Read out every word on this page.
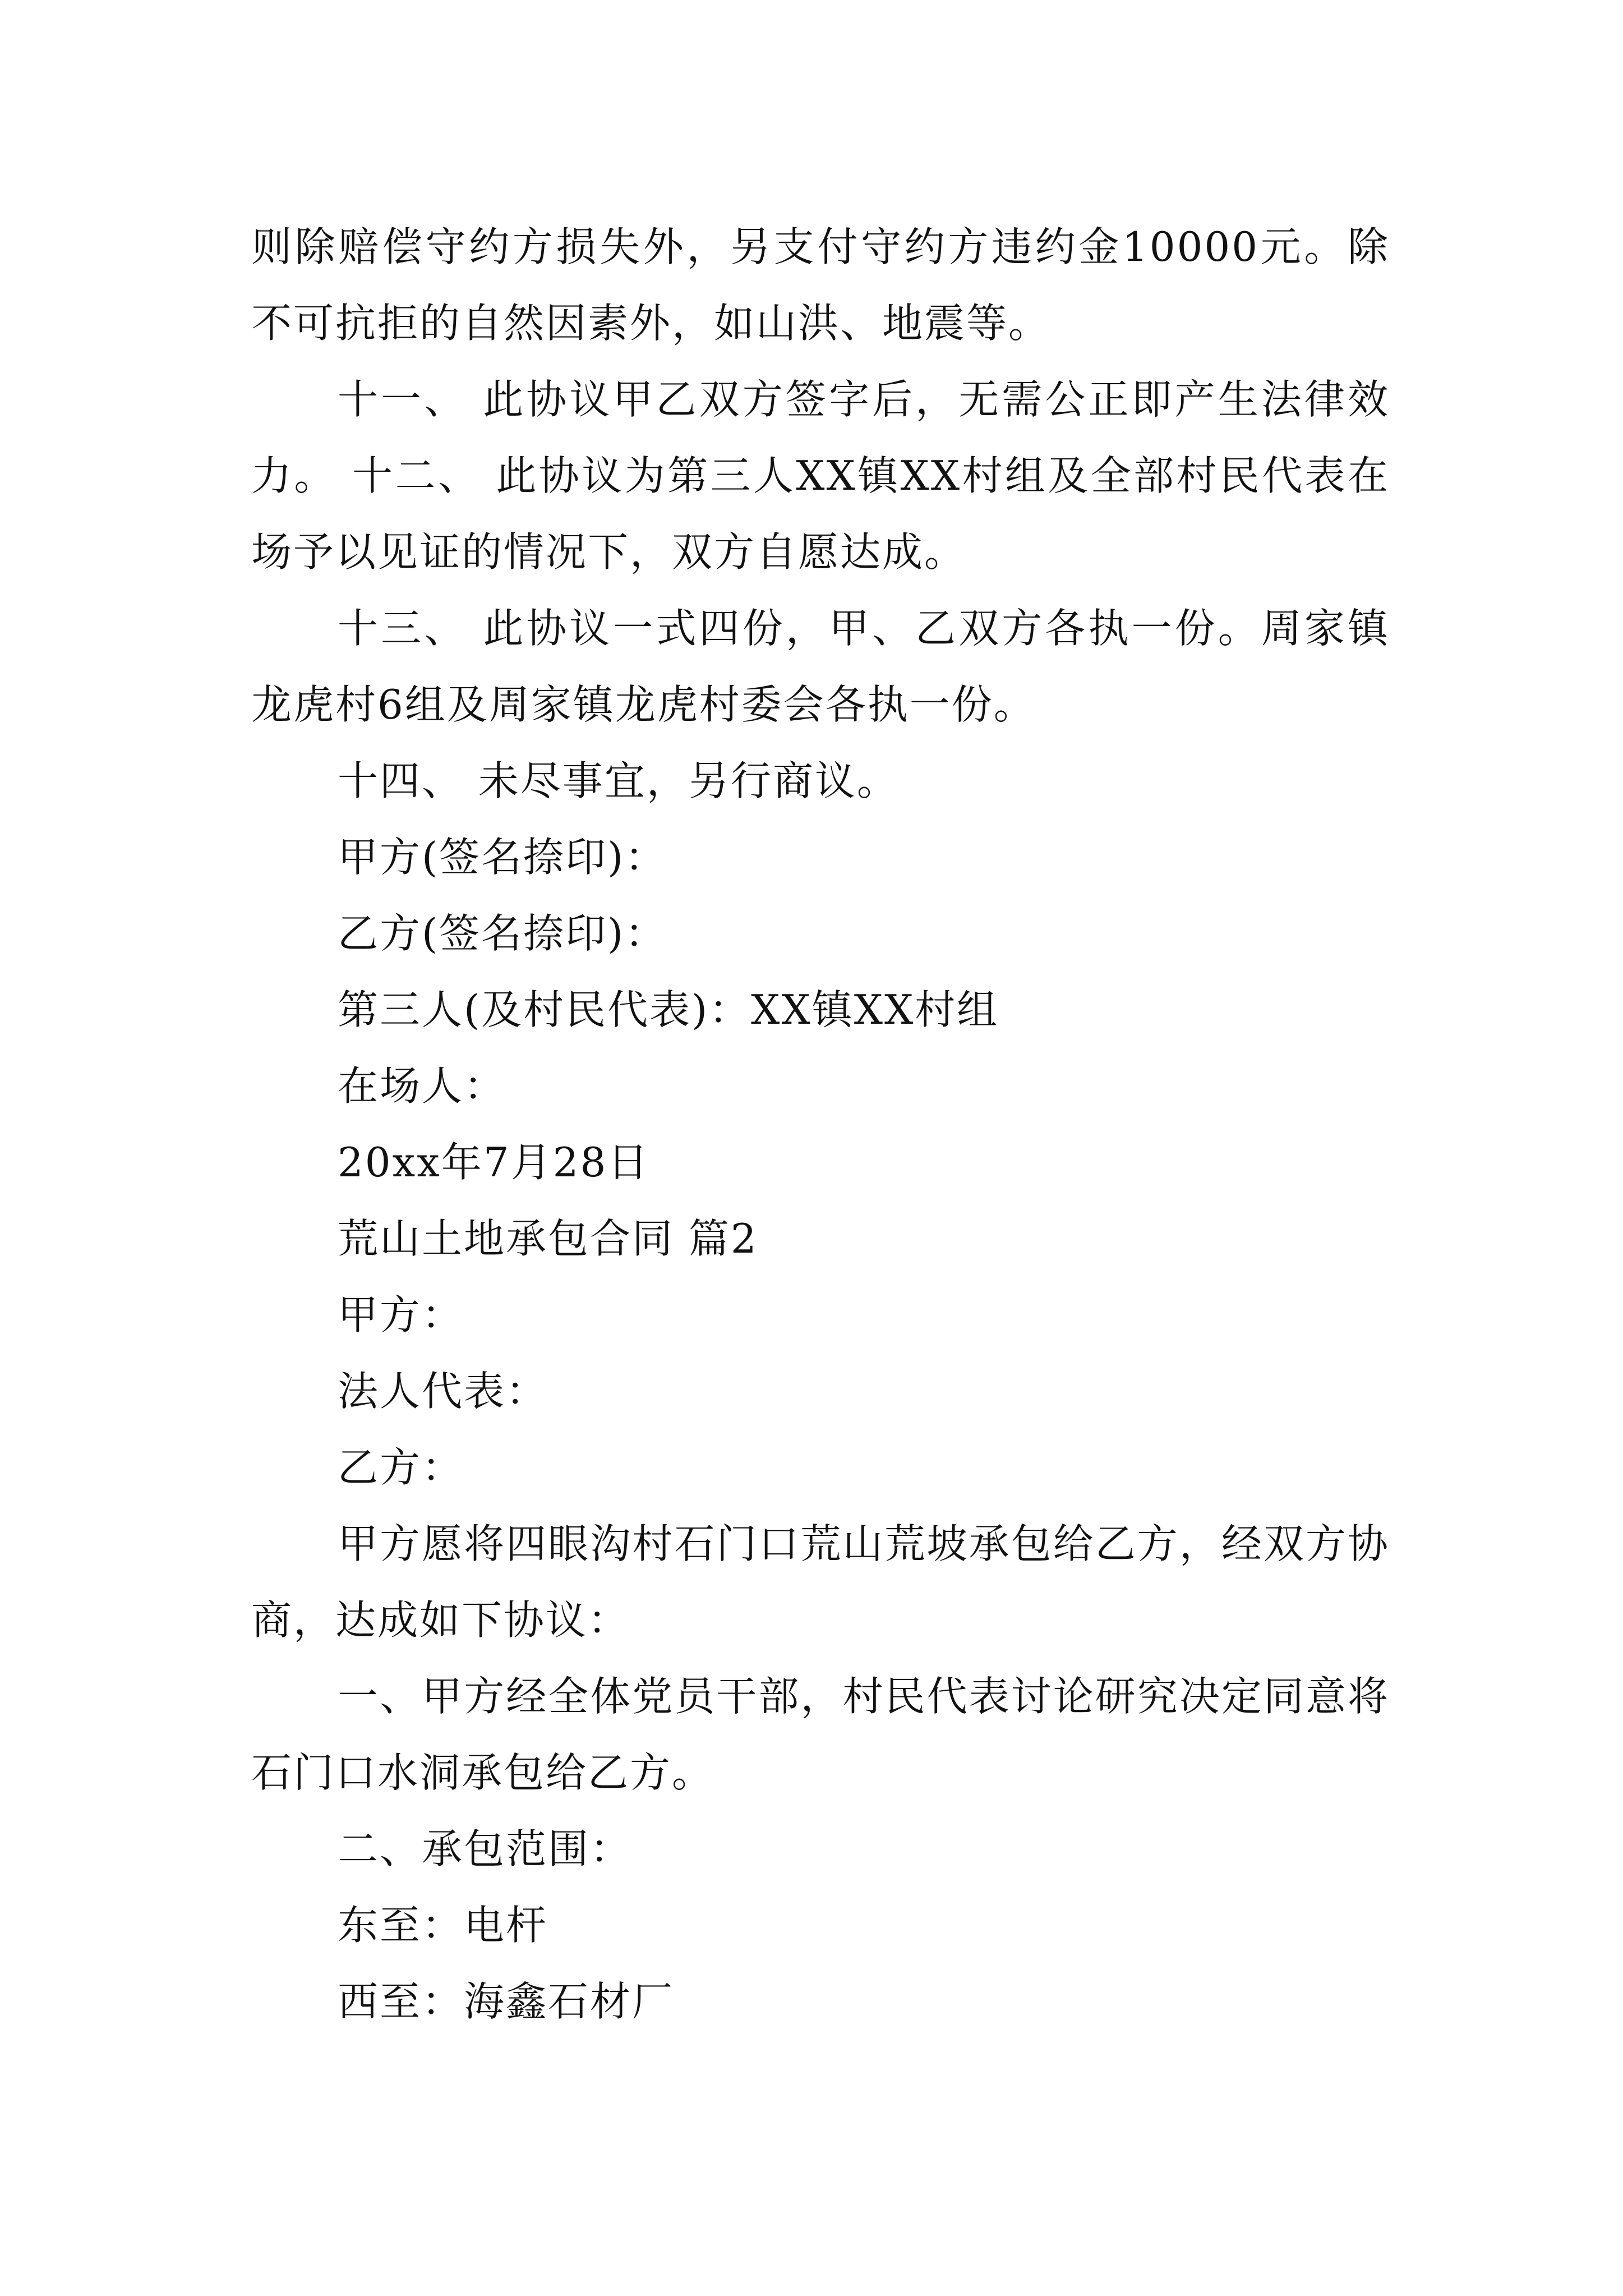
则除赔偿守约方损失外，另支付守约方违约金10000元。除不可抗拒的自然因素外，如山洪、地震等。

十一、 此协议甲乙双方签字后，无需公正即产生法律效力。 十二、 此协议为第三人XX镇XX村组及全部村民代表在场予以见证的情况下，双方自愿达成。

十三、 此协议一式四份，甲、乙双方各执一份。周家镇龙虎村6组及周家镇龙虎村委会各执一份。

十四、 未尽事宜，另行商议。

甲方(签名捺印)：

乙方(签名捺印)：

第三人(及村民代表)：XX镇XX村组

在场人：

20xx年7月28日

荒山土地承包合同 篇2

甲方：

法人代表：

乙方：

甲方愿将四眼沟村石门口荒山荒坡承包给乙方，经双方协商，达成如下协议：

一、甲方经全体党员干部，村民代表讨论研究决定同意将石门口水洞承包给乙方。

二、承包范围：

东至：电杆

西至：海鑫石材厂
